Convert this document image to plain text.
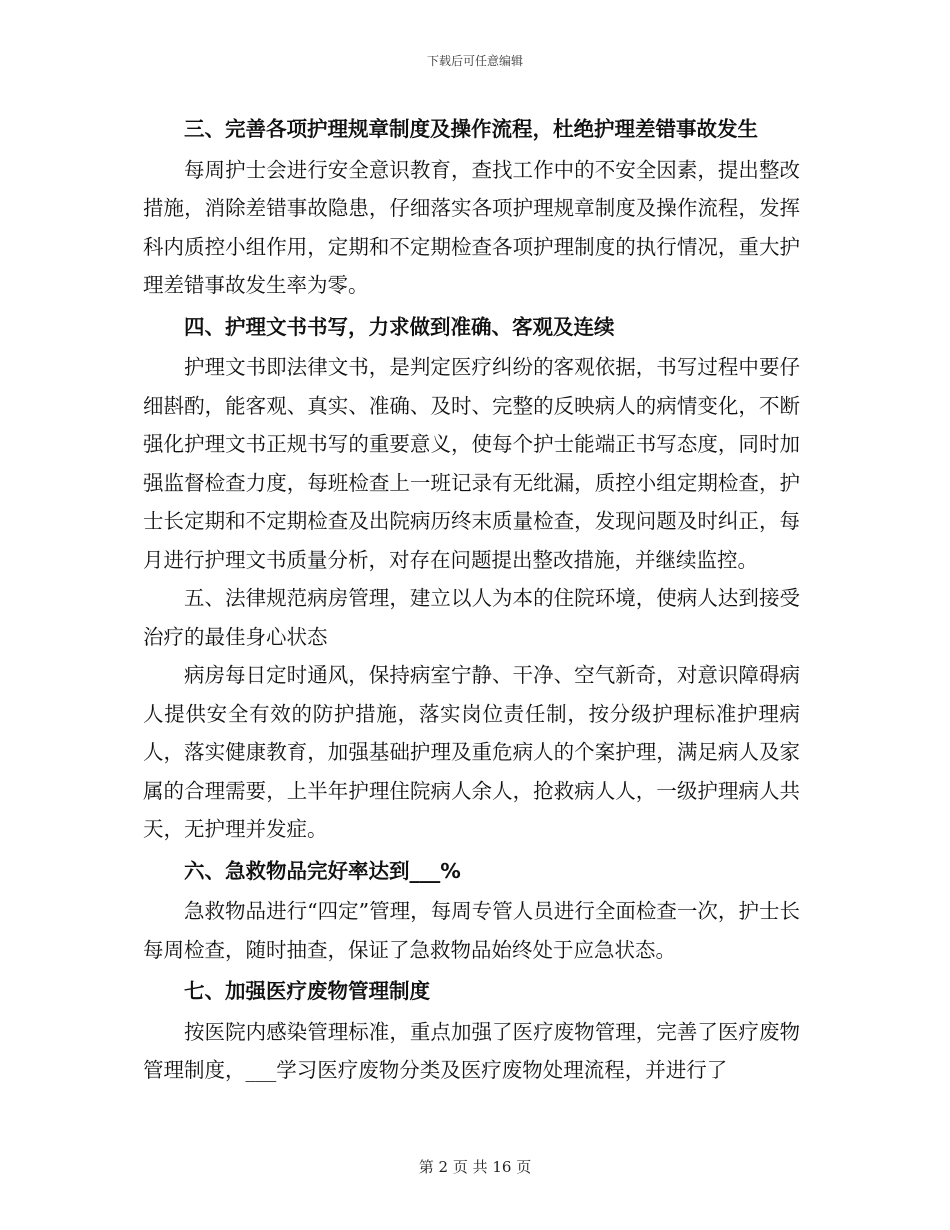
下载后可任意编辑

三、完善各项护理规章制度及操作流程，杜绝护理差错事故发生

每周护士会进行安全意识教育，查找工作中的不安全因素，提出整改措施，消除差错事故隐患，仔细落实各项护理规章制度及操作流程，发挥科内质控小组作用，定期和不定期检查各项护理制度的执行情况，重大护理差错事故发生率为零。

四、护理文书书写，力求做到准确、客观及连续

护理文书即法律文书，是判定医疗纠纷的客观依据，书写过程中要仔细斟酌，能客观、真实、准确、及时、完整的反映病人的病情变化，不断强化护理文书正规书写的重要意义，使每个护士能端正书写态度，同时加强监督检查力度，每班检查上一班记录有无纰漏，质控小组定期检查，护士长定期和不定期检查及出院病历终末质量检查，发现问题及时纠正，每月进行护理文书质量分析，对存在问题提出整改措施，并继续监控。

五、法律规范病房管理，建立以人为本的住院环境，使病人达到接受治疗的最佳身心状态

病房每日定时通风，保持病室宁静、干净、空气新奇，对意识障碍病人提供安全有效的防护措施，落实岗位责任制，按分级护理标准护理病人，落实健康教育，加强基础护理及重危病人的个案护理，满足病人及家属的合理需要，上半年护理住院病人余人，抢救病人人，一级护理病人共天，无护理并发症。

六、急救物品完好率达到___%

急救物品进行“四定”管理，每周专管人员进行全面检查一次，护士长每周检查，随时抽查，保证了急救物品始终处于应急状态。

七、加强医疗废物管理制度

按医院内感染管理标准，重点加强了医疗废物管理，完善了医疗废物管理制度，___学习医疗废物分类及医疗废物处理流程，并进行了

第 2 页 共 16 页
